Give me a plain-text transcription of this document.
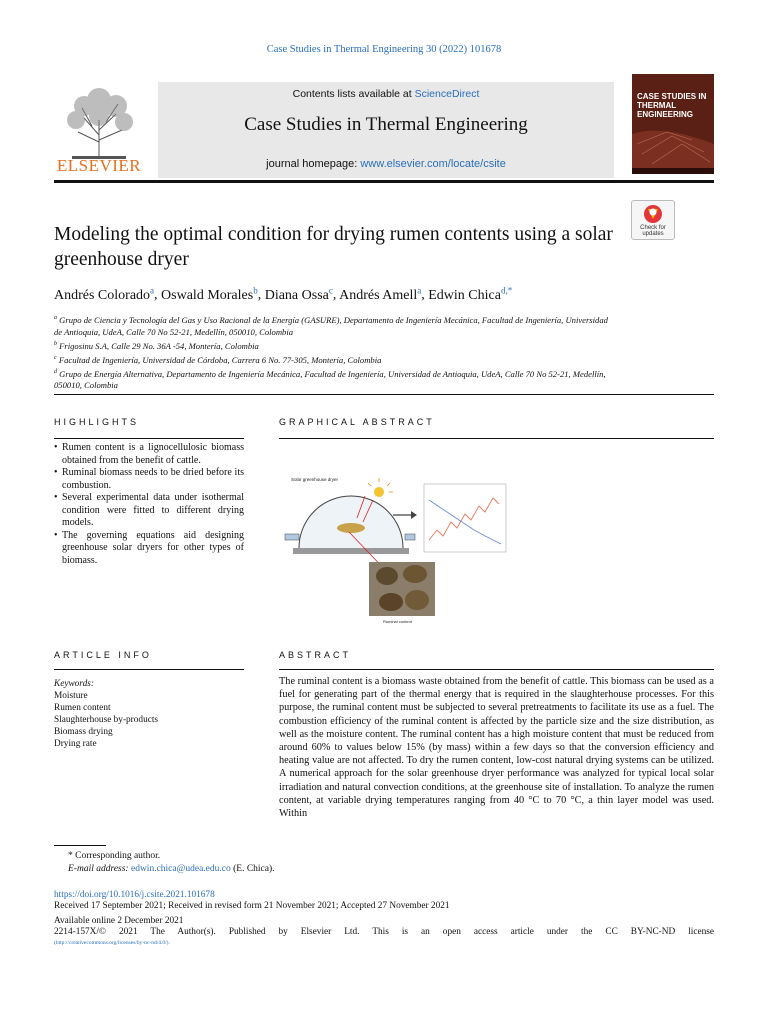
Case Studies in Thermal Engineering 30 (2022) 101678
ELSEVIER
Contents lists available at ScienceDirect
Case Studies in Thermal Engineering
journal homepage: www.elsevier.com/locate/csite
CASE STUDIES IN THERMAL ENGINEERING
Modeling the optimal condition for drying rumen contents using a solar greenhouse dryer
Check for updates
Andrés Colorado$^a$, Oswald Morales$^b$, Diana Ossa$^c$, Andrés Amell$^a$, Edwin Chica$^{d,*}$
$^a$ Grupo de Ciencia y Tecnología del Gas y Uso Racional de la Energía (GASURE), Departamento de Ingeniería Mecánica, Facultad de Ingeniería, Universidad de Antioquia, UdeA, Calle 70 No 52-21, Medellín, 050010, Colombia
$^b$ Frigosinu S.A, Calle 29 No. 36A -54, Montería, Colombia
$^c$ Facultad de Ingeniería, Universidad de Córdoba, Carrera 6 No. 77-305, Montería, Colombia
$^d$ Grupo de Energía Alternativa, Departamento de Ingeniería Mecánica, Facultad de Ingeniería, Universidad de Antioquia, UdeA, Calle 70 No 52-21, Medellín, 050010, Colombia
HIGHLIGHTS	GRAPHICAL ABSTRACT
• Rumen content is a lignocellulosic biomass obtained from the benefit of cattle.
• Ruminal biomass needs to be dried before its combustion.
• Several experimental data under isothermal condition were fitted to different drying models.
• The governing equations aid designing greenhouse solar dryers for other types of biomass.
Solar greenhouse dryer
Ruminal content
ARTICLE INFO	ABSTRACT
Keywords:
Moisture
Rumen content
Slaughterhouse by-products
Biomass drying
Drying rate
The ruminal content is a biomass waste obtained from the benefit of cattle. This biomass can be used as a fuel for generating part of the thermal energy that is required in the slaughterhouse processes. For this purpose, the ruminal content must be subjected to several pretreatments to facilitate its use as a fuel. The combustion efficiency of the ruminal content is affected by the particle size and the size distribution, as well as the moisture content. The ruminal content has a high moisture content that must be reduced from around 60% to values below 15% (by mass) within a few days so that the conversion efficiency and heating value are not affected. To dry the rumen content, low-cost natural drying systems can be utilized. A numerical approach for the solar greenhouse dryer performance was analyzed for typical local solar irradiation and natural convection conditions, at the greenhouse site of installation. To analyze the rumen content, at variable drying temperatures ranging from 40 °C to 70 °C, a thin layer model was used. Within
* Corresponding author.
E-mail address: edwin.chica@udea.edu.co (E. Chica).
https://doi.org/10.1016/j.csite.2021.101678
Received 17 September 2021; Received in revised form 21 November 2021; Accepted 27 November 2021
Available online 2 December 2021
2214-157X/© 2021 The Author(s). Published by Elsevier Ltd. This is an open access article under the CC BY-NC-ND license
(http://creativecommons.org/licenses/by-nc-nd/4.0/).
